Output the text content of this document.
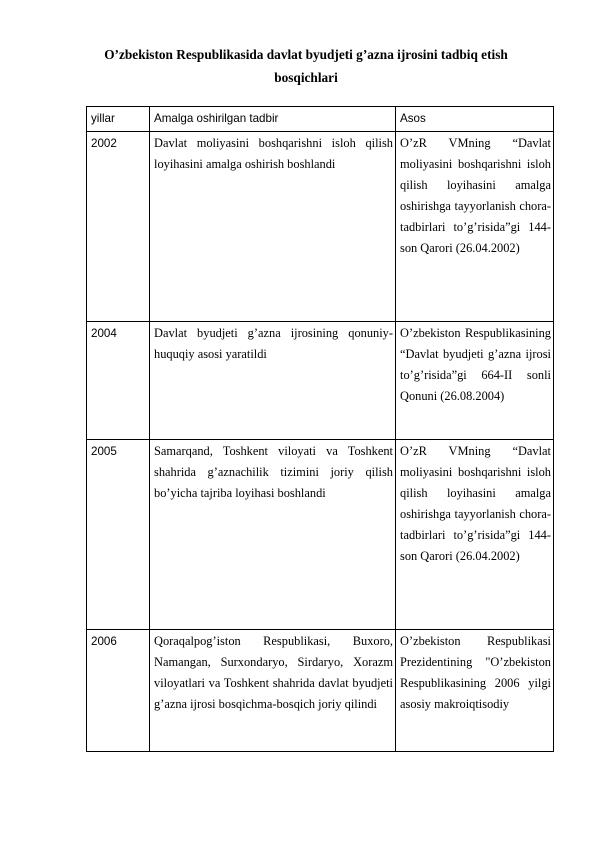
O’zbekiston Respublikasida davlat byudjeti g’azna ijrosini tadbiq etish
bosqichlari
yillar	Amalga oshirilgan tadbir	Asos

2002	Davlat moliyasini boshqarishni isloh qilish loyihasini amalga oshirish boshlandi	O’zR VMning “Davlat moliyasini boshqarishni isloh qilish loyihasini amalga oshirishga tayyorlanish chora-tadbirlari to’g’risida”gi 144-son Qarori (26.04.2002)

2004	Davlat byudjeti g’azna ijrosining qonuniy-huquqiy asosi yaratildi	O’zbekiston Respublikasining “Davlat byudjeti g’azna ijrosi to’g’risida”gi 664-II sonli Qonuni (26.08.2004)

2005	Samarqand, Toshkent viloyati va Toshkent shahrida g’aznachilik tizimini joriy qilish bo’yicha tajriba loyihasi boshlandi	O’zR VMning “Davlat moliyasini boshqarishni isloh qilish loyihasini amalga oshirishga tayyorlanish chora-tadbirlari to’g’risida”gi 144-son Qarori (26.04.2002)

2006	Qoraqalpog’iston Respublikasi, Buxoro, Namangan, Surxondaryo, Sirdaryo, Xorazm viloyatlari va Toshkent shahrida davlat byudjeti g’azna ijrosi bosqichma-bosqich joriy qilindi	O’zbekiston Respublikasi Prezidentining "O’zbekiston Respublikasining 2006 yilgi asosiy makroiqtisodiy
